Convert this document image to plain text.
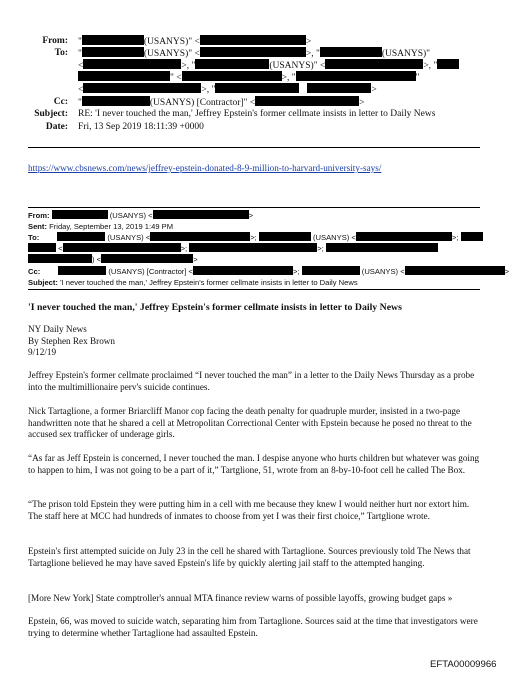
From: "	(USANYS)" <	>
To: "	(USANYS)" <	>, "	(USANYS)"
<	>, "	(USANYS)" <	>, "
" <	>, "	"
<	>, "	>
Cc: "	(USANYS) [Contractor]" <	>
Subject: RE: 'I never touched the man,' Jeffrey Epstein's former cellmate insists in letter to Daily News
Date: Fri, 13 Sep 2019 18:11:39 +0000
https://www.cbsnews.com/news/jeffrey-epstein-donated-8-9-million-to-harvard-university-says/
From:	(USANYS) <	>
Sent: Friday, September 13, 2019 1:49 PM
To:	(USANYS) <	>;	(USANYS) <	>;
<	>;	>;
) <	>
Cc:	(USANYS) [Contractor] <	>;	(USANYS) <	>
Subject: 'I never touched the man,' Jeffrey Epstein's former cellmate insists in letter to Daily News
'I never touched the man,' Jeffrey Epstein's former cellmate insists in letter to Daily News

NY Daily News

By Stephen Rex Brown

9/12/19

Jeffrey Epstein's former cellmate proclaimed “I never touched the man” in a letter to the Daily News Thursday as a probe into the multimillionaire perv's suicide continues.
Nick Tartaglione, a former Briarcliff Manor cop facing the death penalty for quadruple murder, insisted in a two-page handwritten note that he shared a cell at Metropolitan Correctional Center with Epstein because he posed no threat to the accused sex trafficker of underage girls.
“As far as Jeff Epstein is concerned, I never touched the man. I despise anyone who hurts children but whatever was going to happen to him, I was not going to be a part of it,” Tartglione, 51, wrote from an 8-by-10-foot cell he called The Box.
“The prison told Epstein they were putting him in a cell with me because they knew I would neither hurt nor extort him. The staff here at MCC had hundreds of inmates to choose from yet I was their first choice,” Tartglione wrote.
Epstein's first attempted suicide on July 23 in the cell he shared with Tartaglione. Sources previously told The News that Tartaglione believed he may have saved Epstein's life by quickly alerting jail staff to the attempted hanging.
[More New York] State comptroller's annual MTA finance review warns of possible layoffs, growing budget gaps »
Epstein, 66, was moved to suicide watch, separating him from Tartaglione. Sources said at the time that investigators were trying to determine whether Tartaglione had assaulted Epstein.
EFTA00009966
